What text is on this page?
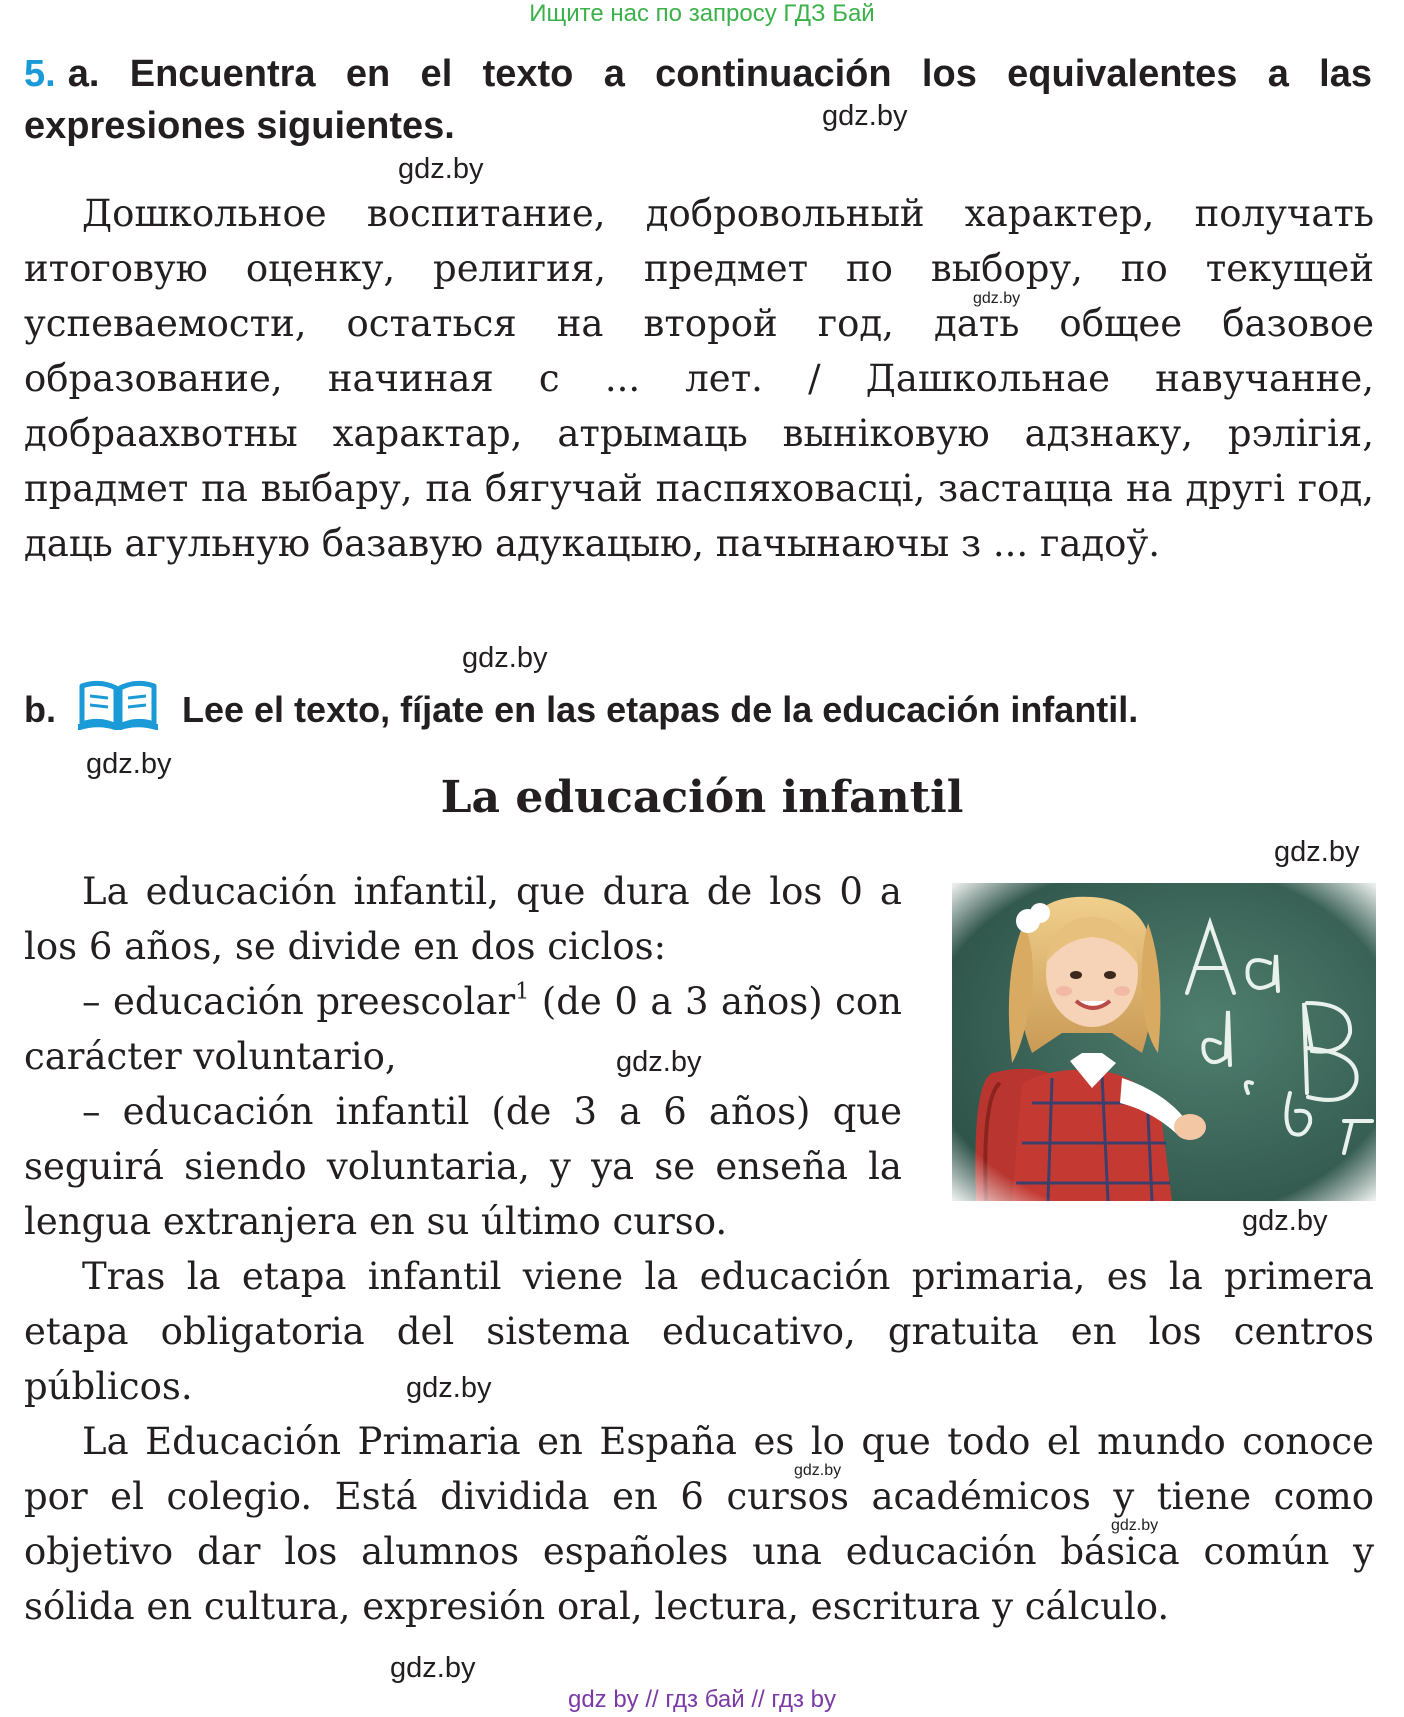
Ищите нас по запросу ГДЗ Бай
5. a. Encuentra en el texto a continuación los equivalentes a las expresiones siguientes.	gdz.by
gdz.by
gdz.by
gdz.by
gdz.by
gdz.by
gdz.by
gdz.by
gdz.by
gdz.by
gdz.by
gdz.by

Дошкольное воспитание, добровольный характер, получать итоговую оценку, религия, предмет по выбору, по текущей успеваемости, остаться на второй год, дать общее базовое образование, начиная с ... лет. / Дашкольнае навучанне, добраахвотны характар, атрымаць выніковую адзнаку, рэлігія, прадмет па выбару, па бягучай паспяховасці, застацца на другі год, даць агульную базавую адукацыю, пачынаючы з ... гадоў.

b.	Lee el texto, fíjate en las etapas de la educación infantil.
La educación infantil

La educación infantil, que dura de los 0 a los 6 años, se divide en dos ciclos:

– educación preescolar$^1$ (de 0 a 3 años) con carácter voluntario,

– educación infantil (de 3 a 6 años) que seguirá siendo voluntaria, y ya se enseña la lengua extranjera en su último curso.

Tras la etapa infantil viene la educación primaria, es la primera etapa obligatoria del sistema educativo, gratuita en los centros públicos.

La Educación Primaria en España es lo que todo el mundo conoce por el colegio. Está dividida en 6 cursos académicos y tiene como objetivo dar los alumnos españoles una educación básica común y sólida en cultura, expresión oral, lectura, escritura y cálculo.

gdz by // гдз бай // гдз by
